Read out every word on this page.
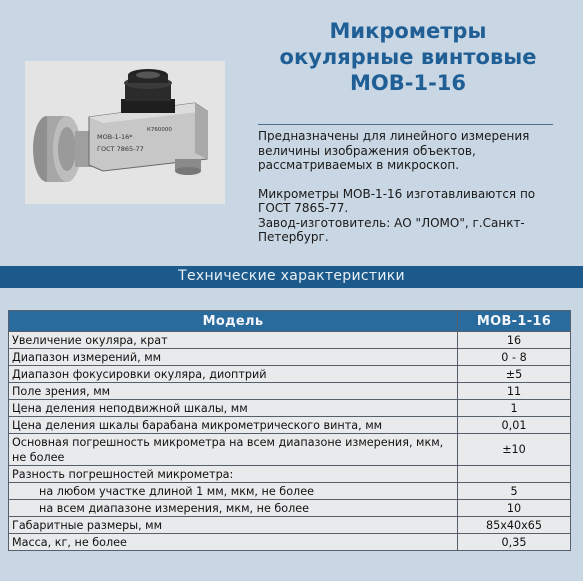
Микрометры
окулярные винтовые
МОВ-1-16
МОВ-1-16*
ГОСТ 7865-77
К760000	Предназначены для линейного измерения величины изображения объектов, рассматриваемых в микроскоп.

Микрометры МОВ-1-16 изготавливаются по ГОСТ 7865-77.

Завод-изготовитель: АО "ЛОМО", г.Санкт-Петербург.

Технические характеристики
Модель	МОВ-1-16
Увеличение окуляра, крат	16
Диапазон измерений, мм	0 - 8
Диапазон фокусировки окуляра, диоптрий	±5
Поле зрения, мм	11
Цена деления неподвижной шкалы, мм	1
Цена деления шкалы барабана микрометрического винта, мм	0,01
Основная погрешность микрометра на всем диапазоне измерения, мкм, не более	±10
Разность погрешностей микрометра:	
на любом участке длиной 1 мм, мкм, не более	5
на всем диапазоне измерения, мкм, не более	10
Габаритные размеры, мм	85x40x65
Масса, кг, не более	0,35
